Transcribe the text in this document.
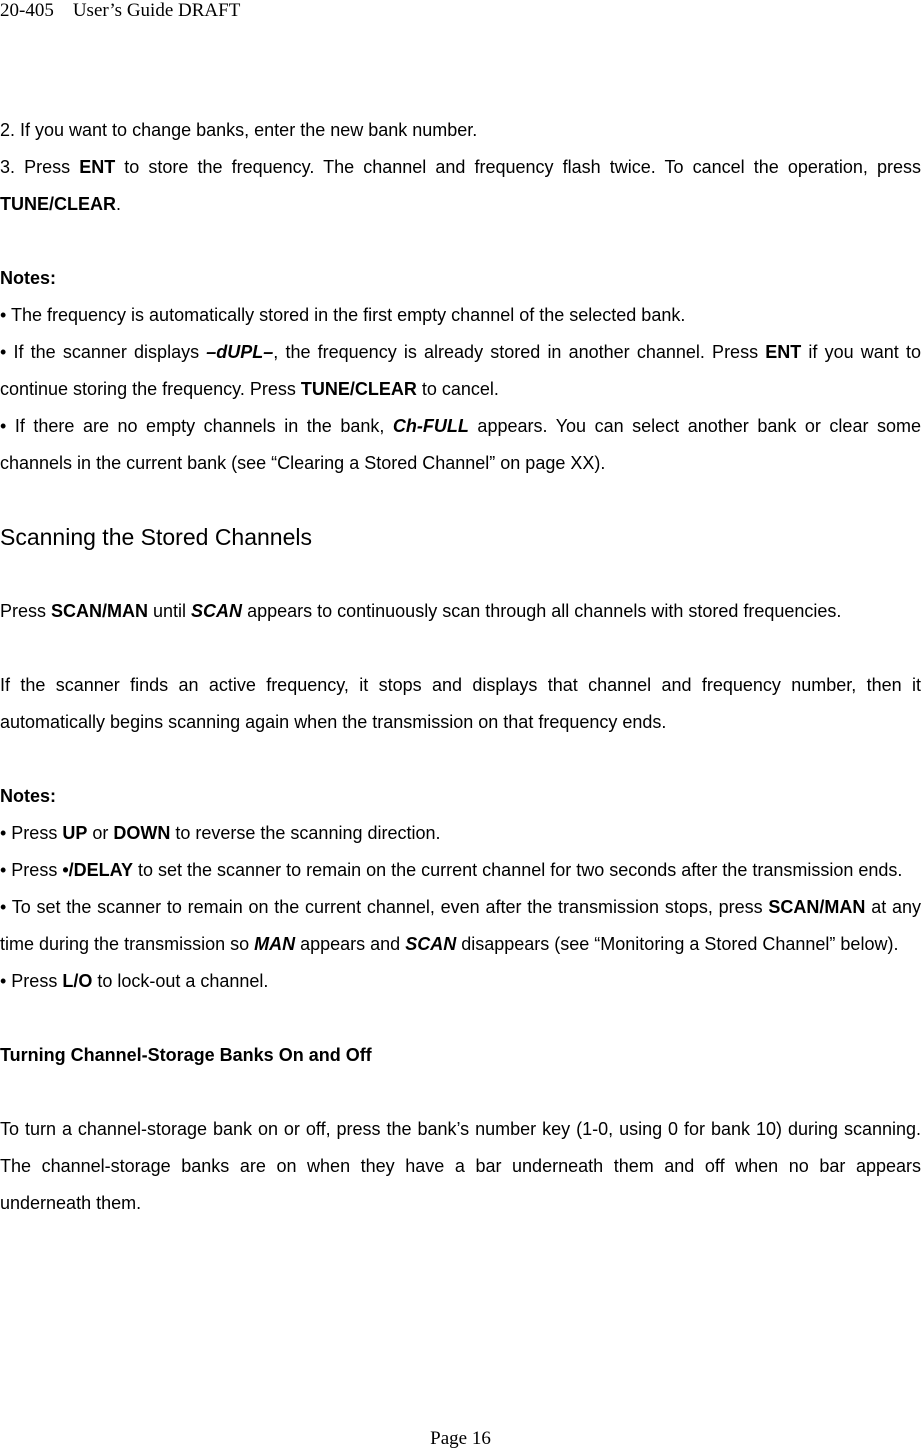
20-405    User’s Guide DRAFT

2. If you want to change banks, enter the new bank number.

3. Press ENT to store the frequency. The channel and frequency flash twice. To cancel the operation, press TUNE/CLEAR.

Notes:

• The frequency is automatically stored in the first empty channel of the selected bank.

• If the scanner displays –dUPL–, the frequency is already stored in another channel. Press ENT if you want to continue storing the frequency. Press TUNE/CLEAR to cancel.

• If there are no empty channels in the bank, Ch-FULL appears. You can select another bank or clear some channels in the current bank (see “Clearing a Stored Channel” on page XX).

Scanning the Stored Channels

Press SCAN/MAN until SCAN appears to continuously scan through all channels with stored frequencies.

If the scanner finds an active frequency, it stops and displays that channel and frequency number, then it automatically begins scanning again when the transmission on that frequency ends.

Notes:

• Press UP or DOWN to reverse the scanning direction.

• Press •/DELAY to set the scanner to remain on the current channel for two seconds after the transmission ends.

• To set the scanner to remain on the current channel, even after the transmission stops, press SCAN/MAN at any time during the transmission so MAN appears and SCAN disappears (see “Monitoring a Stored Channel” below).

• Press L/O to lock-out a channel.

Turning Channel-Storage Banks On and Off

To turn a channel-storage bank on or off, press the bank’s number key (1-0, using 0 for bank 10) during scanning. The channel-storage banks are on when they have a bar underneath them and off when no bar appears underneath them.

Page 16
